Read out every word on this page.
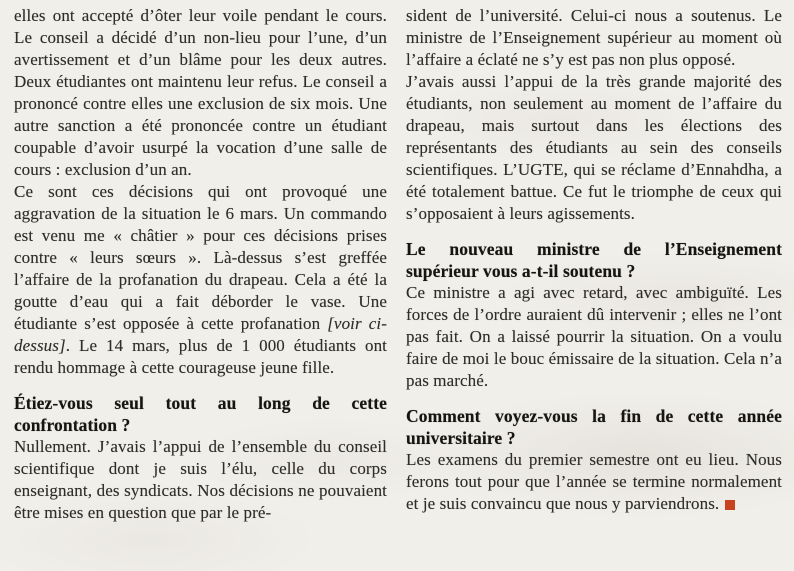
elles ont accepté d’ôter leur voile pendant le cours. Le conseil a décidé d’un non-lieu pour l’une, d’un avertissement et d’un blâme pour les deux autres. Deux étudiantes ont maintenu leur refus. Le conseil a prononcé contre elles une exclusion de six mois. Une autre sanction a été prononcée contre un étudiant coupable d’avoir usurpé la vocation d’une salle de cours : exclusion d’un an.

Ce sont ces décisions qui ont provoqué une aggravation de la situation le 6 mars. Un commando est venu me « châtier » pour ces décisions prises contre « leurs sœurs ». Là-dessus s’est greffée l’affaire de la profanation du drapeau. Cela a été la goutte d’eau qui a fait déborder le vase. Une étudiante s’est opposée à cette profanation [voir ci-dessus]. Le 14 mars, plus de 1 000 étudiants ont rendu hommage à cette courageuse jeune fille.

Étiez-vous seul tout au long de cette confrontation ?

Nullement. J’avais l’appui de l’ensemble du conseil scientifique dont je suis l’élu, celle du corps enseignant, des syndicats. Nos décisions ne pouvaient être mises en question que par le pré-

sident de l’université. Celui-ci nous a soutenus. Le ministre de l’Enseignement supérieur au moment où l’affaire a éclaté ne s’y est pas non plus opposé.

J’avais aussi l’appui de la très grande majorité des étudiants, non seulement au moment de l’affaire du drapeau, mais surtout dans les élections des représentants des étudiants au sein des conseils scientifiques. L’UGTE, qui se réclame d’Ennahdha, a été totalement battue. Ce fut le triomphe de ceux qui s’opposaient à leurs agissements.

Le nouveau ministre de l’Enseignement supérieur vous a-t-il soutenu ?

Ce ministre a agi avec retard, avec ambiguïté. Les forces de l’ordre auraient dû intervenir ; elles ne l’ont pas fait. On a laissé pourrir la situation. On a voulu faire de moi le bouc émissaire de la situation. Cela n’a pas marché.

Comment voyez-vous la fin de cette année universitaire ?

Les examens du premier semestre ont eu lieu. Nous ferons tout pour que l’année se termine normalement et je suis convaincu que nous y parviendrons.
